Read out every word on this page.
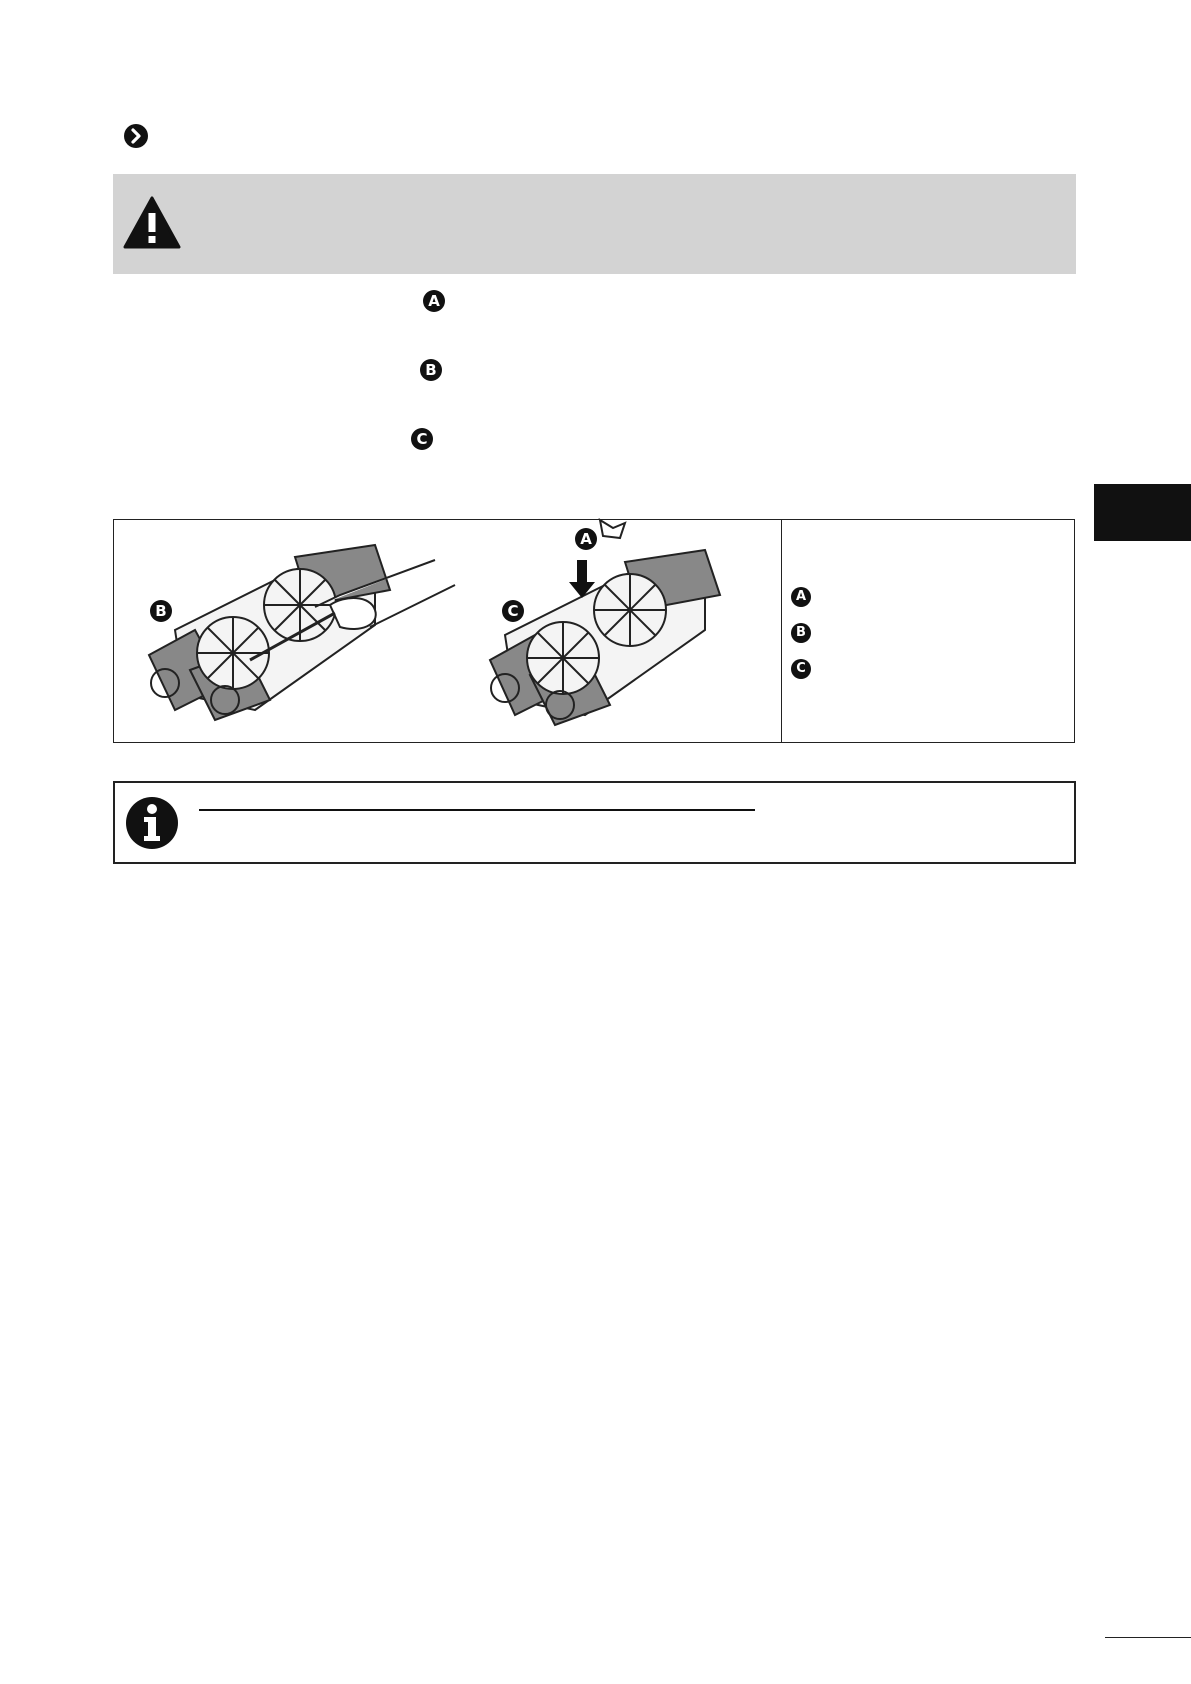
A
B
C
B
A
C
A
B
C
